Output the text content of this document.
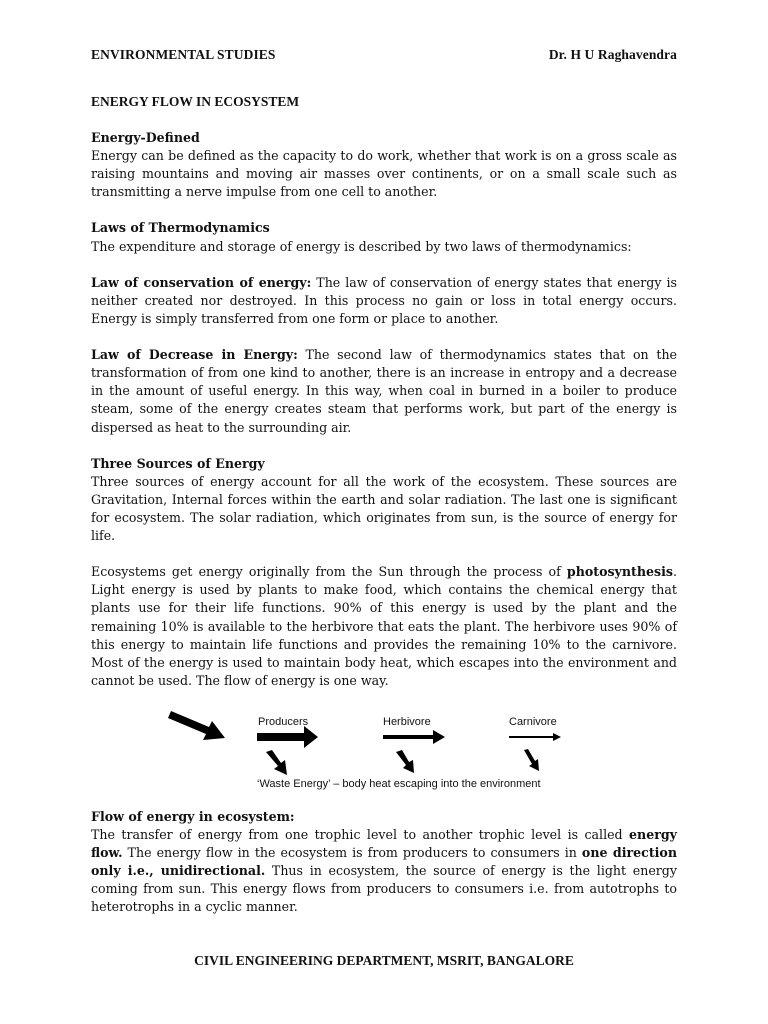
ENVIRONMENTAL STUDIES	Dr. H U Raghavendra
ENERGY FLOW IN ECOSYSTEM

Energy-Defined
Energy can be defined as the capacity to do work, whether that work is on a gross scale as raising mountains and moving air masses over continents, or on a small scale such as transmitting a nerve impulse from one cell to another.

Laws of Thermodynamics
The expenditure and storage of energy is described by two laws of thermodynamics:

Law of conservation of energy: The law of conservation of energy states that energy is neither created nor destroyed. In this process no gain or loss in total energy occurs. Energy is simply transferred from one form or place to another.

Law of Decrease in Energy: The second law of thermodynamics states that on the transformation of from one kind to another, there is an increase in entropy and a decrease in the amount of useful energy. In this way, when coal in burned in a boiler to produce steam, some of the energy creates steam that performs work, but part of the energy is dispersed as heat to the surrounding air.

Three Sources of Energy
Three sources of energy account for all the work of the ecosystem. These sources are Gravitation, Internal forces within the earth and solar radiation. The last one is significant for ecosystem. The solar radiation, which originates from sun, is the source of energy for life.

Ecosystems get energy originally from the Sun through the process of photosynthesis. Light energy is used by plants to make food, which contains the chemical energy that plants use for their life functions. 90% of this energy is used by the plant and the remaining 10% is available to the herbivore that eats the plant. The herbivore uses 90% of this energy to maintain life functions and provides the remaining 10% to the carnivore. Most of the energy is used to maintain body heat, which escapes into the environment and cannot be used. The flow of energy is one way.

Producers	Herbivore	Carnivore
‘Waste Energy’ – body heat escaping into the environment

Flow of energy in ecosystem:
The transfer of energy from one trophic level to another trophic level is called energy flow. The energy flow in the ecosystem is from producers to consumers in one direction only i.e., unidirectional. Thus in ecosystem, the source of energy is the light energy coming from sun. This energy flows from producers to consumers i.e. from autotrophs to heterotrophs in a cyclic manner.

CIVIL ENGINEERING DEPARTMENT, MSRIT, BANGALORE
